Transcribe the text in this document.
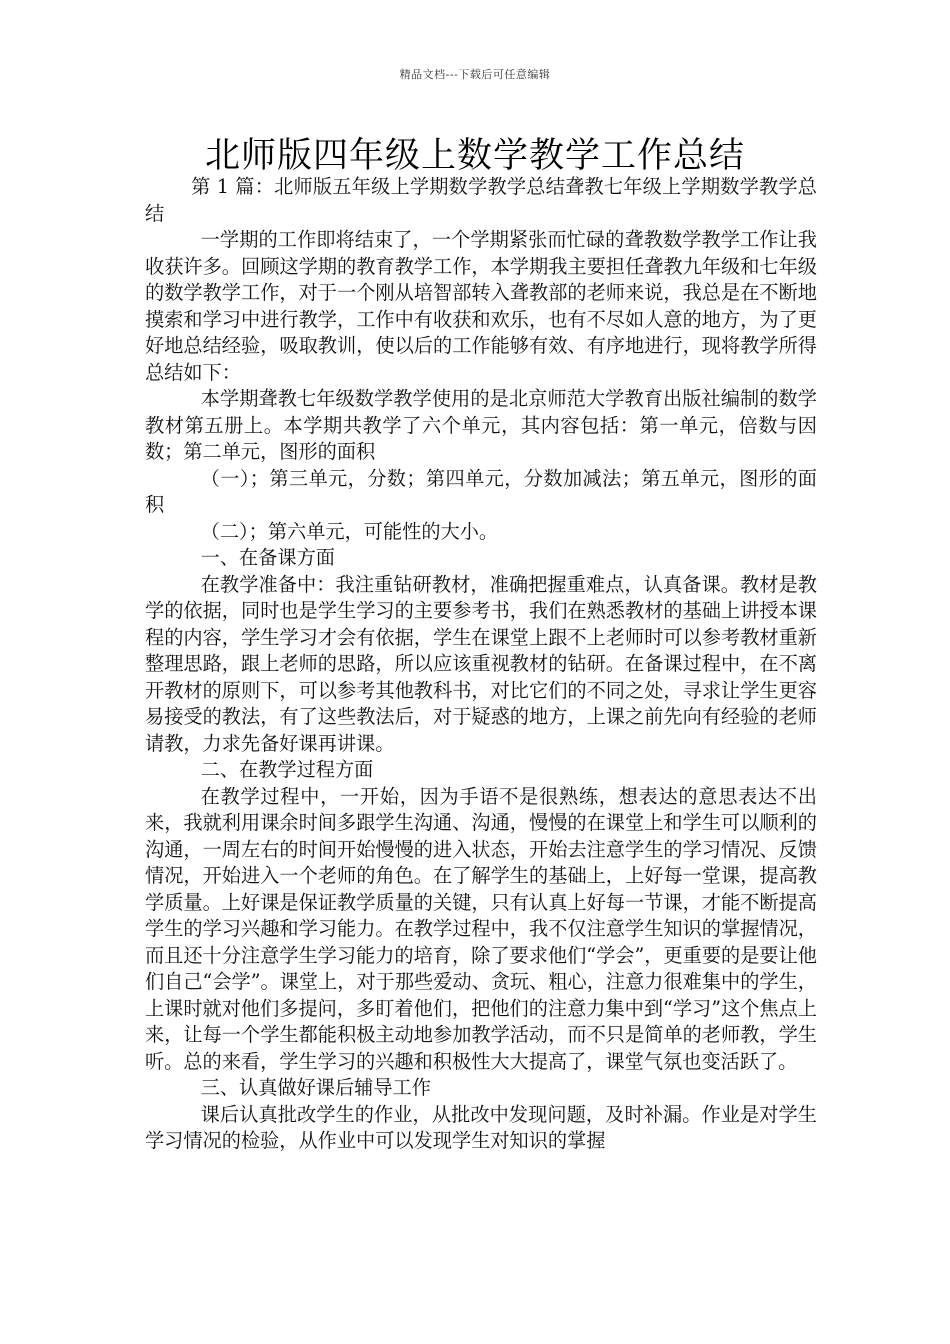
精品文档---下载后可任意编辑
北师版四年级上数学教学工作总结

第 1 篇：北师版五年级上学期数学教学总结聋教七年级上学期数学教学总结

一学期的工作即将结束了，一个学期紧张而忙碌的聋教数学教学工作让我收获许多。回顾这学期的教育教学工作，本学期我主要担任聋教九年级和七年级的数学教学工作，对于一个刚从培智部转入聋教部的老师来说，我总是在不断地摸索和学习中进行教学，工作中有收获和欢乐，也有不尽如人意的地方，为了更好地总结经验，吸取教训，使以后的工作能够有效、有序地进行，现将教学所得总结如下：

本学期聋教七年级数学教学使用的是北京师范大学教育出版社编制的数学教材第五册上。本学期共教学了六个单元，其内容包括：第一单元，倍数与因数；第二单元，图形的面积

（一）；第三单元，分数；第四单元，分数加减法；第五单元，图形的面积

（二）；第六单元，可能性的大小。

一、在备课方面

在教学准备中：我注重钻研教材，准确把握重难点，认真备课。教材是教学的依据，同时也是学生学习的主要参考书，我们在熟悉教材的基础上讲授本课程的内容，学生学习才会有依据，学生在课堂上跟不上老师时可以参考教材重新整理思路，跟上老师的思路，所以应该重视教材的钻研。在备课过程中，在不离开教材的原则下，可以参考其他教科书，对比它们的不同之处，寻求让学生更容易接受的教法，有了这些教法后，对于疑惑的地方，上课之前先向有经验的老师请教，力求先备好课再讲课。

二、在教学过程方面

在教学过程中，一开始，因为手语不是很熟练，想表达的意思表达不出来，我就利用课余时间多跟学生沟通、沟通，慢慢的在课堂上和学生可以顺利的沟通，一周左右的时间开始慢慢的进入状态，开始去注意学生的学习情况、反馈情况，开始进入一个老师的角色。在了解学生的基础上，上好每一堂课，提高教学质量。上好课是保证教学质量的关键，只有认真上好每一节课，才能不断提高学生的学习兴趣和学习能力。在教学过程中，我不仅注意学生知识的掌握情况，而且还十分注意学生学习能力的培育，除了要求他们“学会”，更重要的是要让他们自己“会学”。课堂上，对于那些爱动、贪玩、粗心，注意力很难集中的学生，上课时就对他们多提问，多盯着他们，把他们的注意力集中到“学习”这个焦点上来，让每一个学生都能积极主动地参加教学活动，而不只是简单的老师教，学生听。总的来看，学生学习的兴趣和积极性大大提高了，课堂气氛也变活跃了。

三、认真做好课后辅导工作

课后认真批改学生的作业，从批改中发现问题，及时补漏。作业是对学生学习情况的检验，从作业中可以发现学生对知识的掌握
